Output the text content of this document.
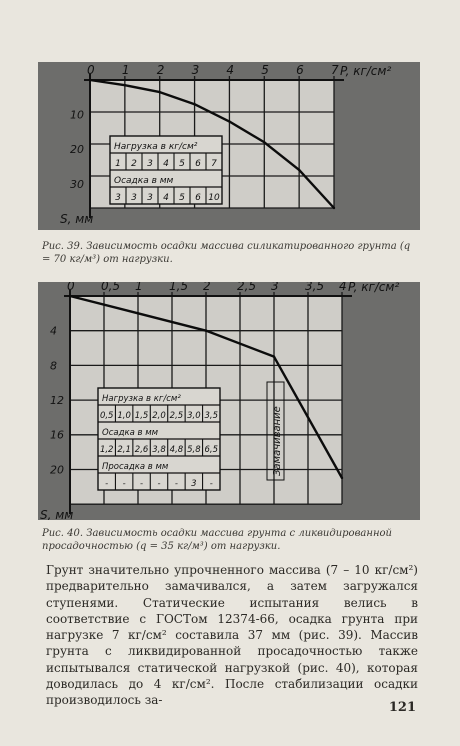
0 1 2 3 4 5 6 7 P, кг/см²
S, мм
10
20
30
Нагрузка в кг/см²
1 2 3 4 5 6 7
Осадка в мм
3 3 3 4 5 6 10
Рис. 39. Зависимость осадки массива силикатированного грунта (q = 70 кг/м³) от нагрузки.
0 0,5 1 1,5 2 2,5 3 3,5 4 P, кг/см²
S, мм
4
8
12
16
20
Нагрузка в кг/см²
0,5 1,0 1,5 2,0 2,5 3,0 3,5
Осадка в мм
1,2 2,1 2,6 3,8 4,8 5,8 6,5
Просадка в мм
- - - - - 3 -
Замачивание
Рис. 40. Зависимость осадки массива грунта с ликвидированной просадочностью (q = 35 кг/м³) от нагрузки.
Грунт значительно упрочненного массива (7 – 10 кг/см²) предварительно замачивался, а затем загружался ступенями. Статические испытания велись в соответствие с ГОСТом 12374-66, осадка грунта при нагрузке 7 кг/см² составила 37 мм (рис. 39). Массив грунта с ликвидированной просадочностью также испытывался статической нагрузкой (рис. 40), которая доводилась до 4 кг/см². После стабилизации осадки производилось за-	121
